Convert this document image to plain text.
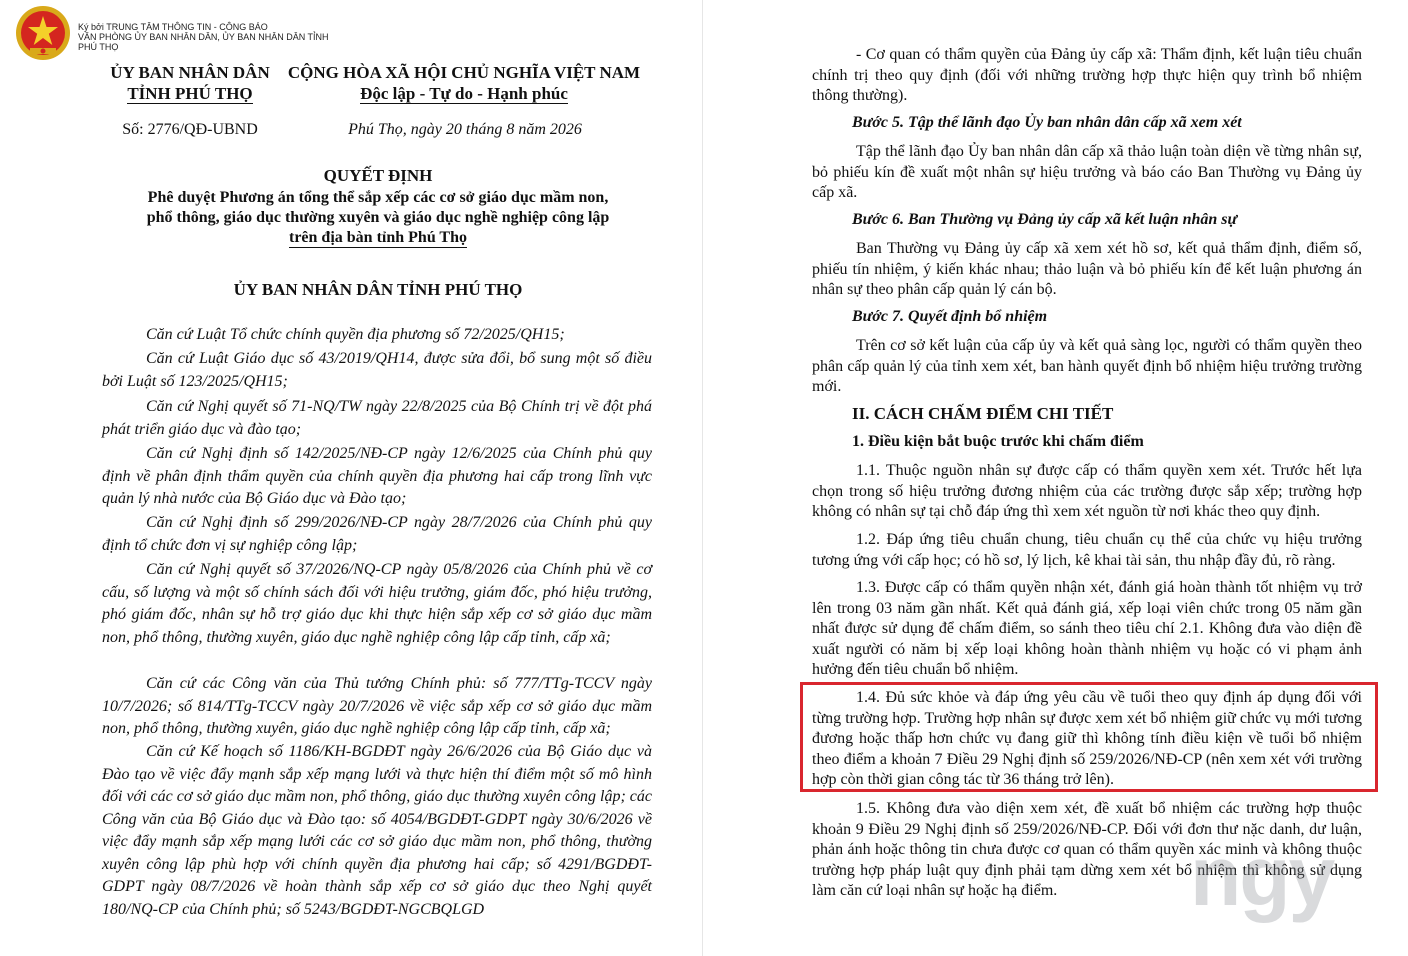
Ký bởi TRUNG TÂM THÔNG TIN - CÔNG BÁO
VĂN PHÒNG ỦY BAN NHÂN DÂN, ỦY BAN NHÂN DÂN TỈNH
PHÚ THỌ
ỦY BAN NHÂN DÂN
TỈNH PHÚ THỌ
CỘNG HÒA XÃ HỘI CHỦ NGHĨA VIỆT NAM
Độc lập - Tự do - Hạnh phúc
Số: 2776/QĐ-UBND	Phú Thọ, ngày 20 tháng 8 năm 2026
QUYẾT ĐỊNH
Phê duyệt Phương án tổng thể sắp xếp các cơ sở giáo dục mầm non,
phổ thông, giáo dục thường xuyên và giáo dục nghề nghiệp công lập
trên địa bàn tỉnh Phú Thọ
ỦY BAN NHÂN DÂN TỈNH PHÚ THỌ
Căn cứ Luật Tổ chức chính quyền địa phương số 72/2025/QH15;
Căn cứ Luật Giáo dục số 43/2019/QH14, được sửa đổi, bổ sung một số điều bởi Luật số 123/2025/QH15;
Căn cứ Nghị quyết số 71-NQ/TW ngày 22/8/2025 của Bộ Chính trị về đột phá phát triển giáo dục và đào tạo;
Căn cứ Nghị định số 142/2025/NĐ-CP ngày 12/6/2025 của Chính phủ quy định về phân định thẩm quyền của chính quyền địa phương hai cấp trong lĩnh vực quản lý nhà nước của Bộ Giáo dục và Đào tạo;
Căn cứ Nghị định số 299/2026/NĐ-CP ngày 28/7/2026 của Chính phủ quy định tổ chức đơn vị sự nghiệp công lập;
Căn cứ Nghị quyết số 37/2026/NQ-CP ngày 05/8/2026 của Chính phủ về cơ cấu, số lượng và một số chính sách đối với hiệu trưởng, giám đốc, phó hiệu trưởng, phó giám đốc, nhân sự hỗ trợ giáo dục khi thực hiện sắp xếp cơ sở giáo dục mầm non, phổ thông, thường xuyên, giáo dục nghề nghiệp công lập cấp tỉnh, cấp xã;
Căn cứ các Công văn của Thủ tướng Chính phủ: số 777/TTg-TCCV ngày 10/7/2026; số 814/TTg-TCCV ngày 20/7/2026 về việc sắp xếp cơ sở giáo dục mầm non, phổ thông, thường xuyên, giáo dục nghề nghiệp công lập cấp tỉnh, cấp xã;
Căn cứ Kế hoạch số 1186/KH-BGDĐT ngày 26/6/2026 của Bộ Giáo dục và Đào tạo về việc đẩy mạnh sắp xếp mạng lưới và thực hiện thí điểm một số mô hình đối với các cơ sở giáo dục mầm non, phổ thông, giáo dục thường xuyên công lập; các Công văn của Bộ Giáo dục và Đào tạo: số 4054/BGDĐT-GDPT ngày 30/6/2026 về việc đẩy mạnh sắp xếp mạng lưới các cơ sở giáo dục mầm non, phổ thông, thường xuyên công lập phù hợp với chính quyền địa phương hai cấp; số 4291/BGDĐT-GDPT ngày 08/7/2026 về hoàn thành sắp xếp cơ sở giáo dục theo Nghị quyết 180/NQ-CP của Chính phủ; số 5243/BGDĐT-NGCBQLGD
- Cơ quan có thẩm quyền của Đảng ủy cấp xã: Thẩm định, kết luận tiêu chuẩn chính trị theo quy định (đối với những trường hợp thực hiện quy trình bổ nhiệm thông thường).
Bước 5. Tập thể lãnh đạo Ủy ban nhân dân cấp xã xem xét
Tập thể lãnh đạo Ủy ban nhân dân cấp xã thảo luận toàn diện về từng nhân sự, bỏ phiếu kín đề xuất một nhân sự hiệu trưởng và báo cáo Ban Thường vụ Đảng ủy cấp xã.
Bước 6. Ban Thường vụ Đảng ủy cấp xã kết luận nhân sự
Ban Thường vụ Đảng ủy cấp xã xem xét hồ sơ, kết quả thẩm định, điểm số, phiếu tín nhiệm, ý kiến khác nhau; thảo luận và bỏ phiếu kín để kết luận phương án nhân sự theo phân cấp quản lý cán bộ.
Bước 7. Quyết định bổ nhiệm
Trên cơ sở kết luận của cấp ủy và kết quả sàng lọc, người có thẩm quyền theo phân cấp quản lý của tỉnh xem xét, ban hành quyết định bổ nhiệm hiệu trưởng trường mới.
II. CÁCH CHẤM ĐIỂM CHI TIẾT
1. Điều kiện bắt buộc trước khi chấm điểm
1.1. Thuộc nguồn nhân sự được cấp có thẩm quyền xem xét. Trước hết lựa chọn trong số hiệu trưởng đương nhiệm của các trường được sắp xếp; trường hợp không có nhân sự tại chỗ đáp ứng thì xem xét nguồn từ nơi khác theo quy định.
1.2. Đáp ứng tiêu chuẩn chung, tiêu chuẩn cụ thể của chức vụ hiệu trưởng tương ứng với cấp học; có hồ sơ, lý lịch, kê khai tài sản, thu nhập đầy đủ, rõ ràng.
1.3. Được cấp có thẩm quyền nhận xét, đánh giá hoàn thành tốt nhiệm vụ trở lên trong 03 năm gần nhất. Kết quả đánh giá, xếp loại viên chức trong 05 năm gần nhất được sử dụng để chấm điểm, so sánh theo tiêu chí 2.1. Không đưa vào diện đề xuất người có năm bị xếp loại không hoàn thành nhiệm vụ hoặc có vi phạm ảnh hưởng đến tiêu chuẩn bổ nhiệm.
1.4. Đủ sức khỏe và đáp ứng yêu cầu về tuổi theo quy định áp dụng đối với từng trường hợp. Trường hợp nhân sự được xem xét bổ nhiệm giữ chức vụ mới tương đương hoặc thấp hơn chức vụ đang giữ thì không tính điều kiện về tuổi bổ nhiệm theo điểm a khoản 7 Điều 29 Nghị định số 259/2026/NĐ-CP (nên xem xét với trường hợp còn thời gian công tác từ 36 tháng trở lên).
1.5. Không đưa vào diện xem xét, đề xuất bổ nhiệm các trường hợp thuộc khoản 9 Điều 29 Nghị định số 259/2026/NĐ-CP. Đối với đơn thư nặc danh, dư luận, phản ánh hoặc thông tin chưa được cơ quan có thẩm quyền xác minh và không thuộc trường hợp pháp luật quy định phải tạm dừng xem xét bổ nhiệm thì không sử dụng làm căn cứ loại nhân sự hoặc hạ điểm.	ngy
